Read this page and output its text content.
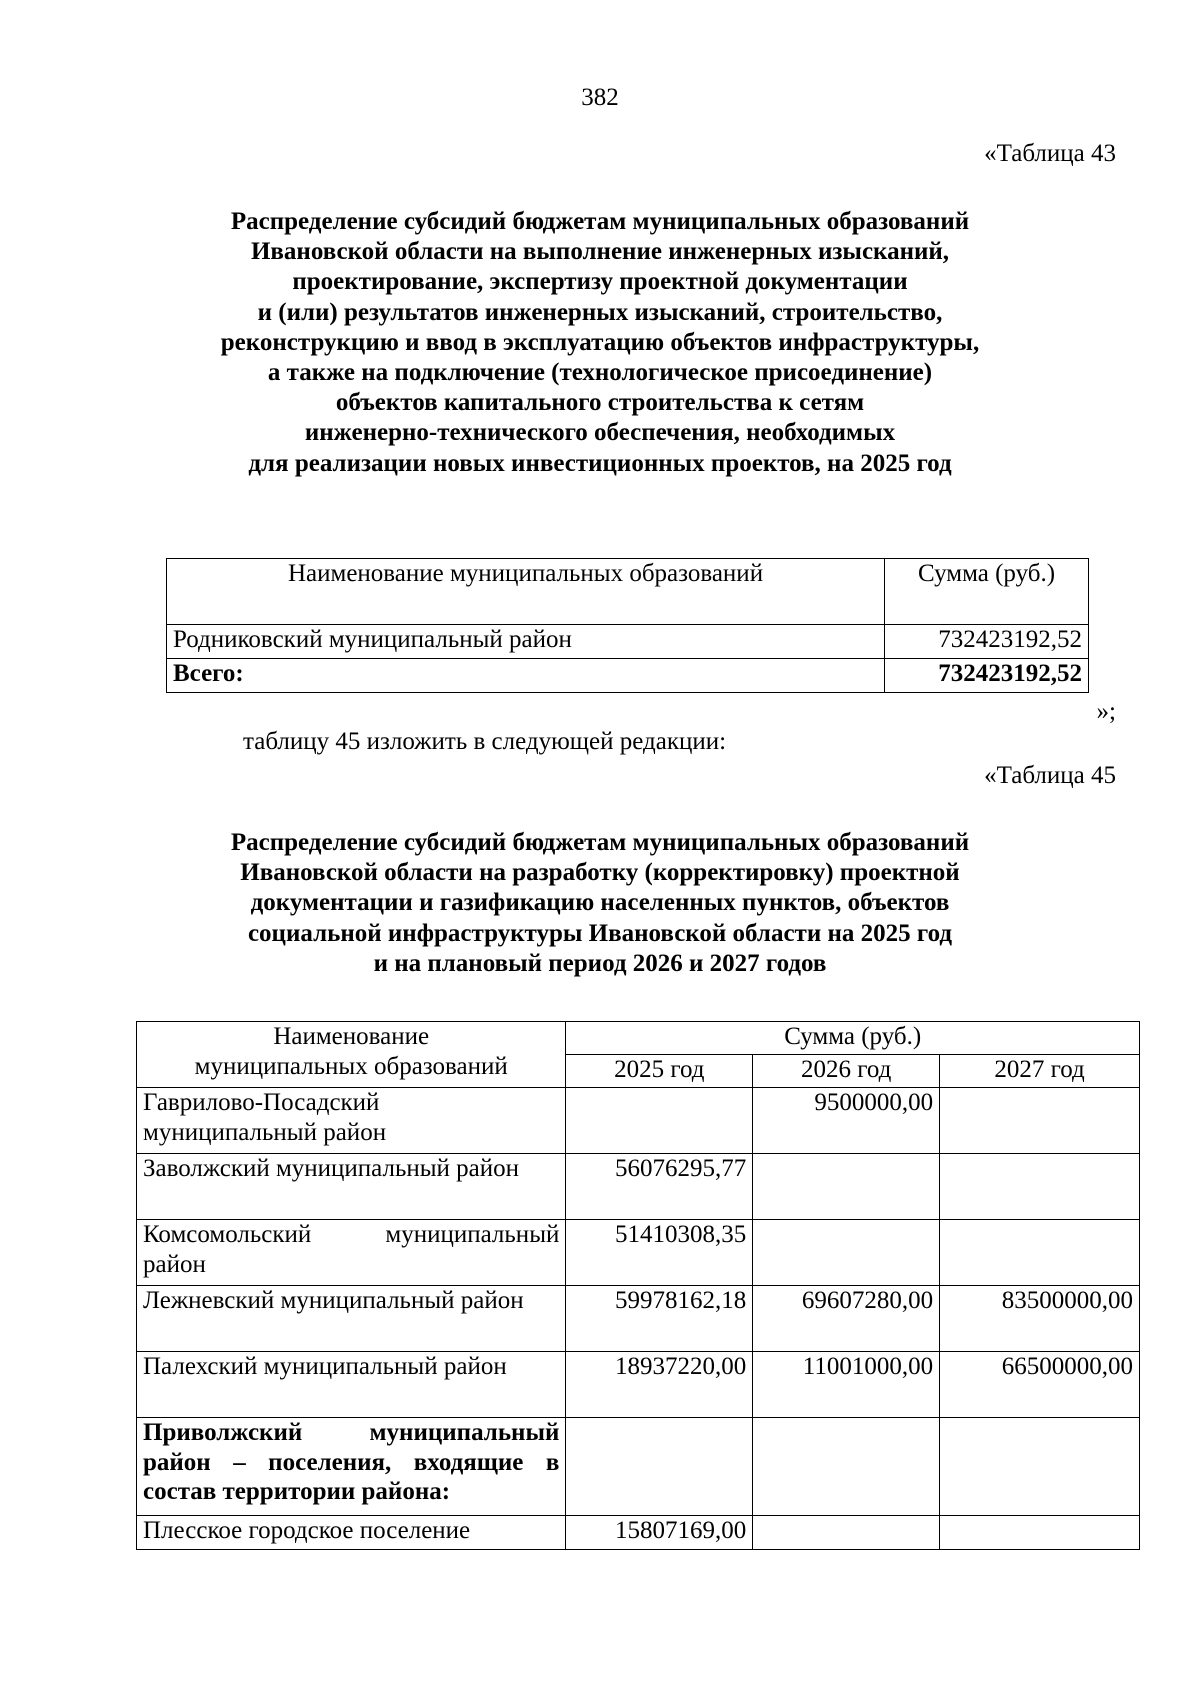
382
«Таблица 43
Распределение субсидий бюджетам муниципальных образований
Ивановской области на выполнение инженерных изысканий,
проектирование, экспертизу проектной документации
и (или) результатов инженерных изысканий, строительство,
реконструкцию и ввод в эксплуатацию объектов инфраструктуры,
а также на подключение (технологическое присоединение)
объектов капитального строительства к сетям
инженерно-технического обеспечения, необходимых
для реализации новых инвестиционных проектов, на 2025 год
Наименование муниципальных образований	Сумма (руб.)
Родниковский муниципальный район	732423192,52
Всего:	732423192,52
»;
таблицу 45 изложить в следующей редакции:
«Таблица 45
Распределение субсидий бюджетам муниципальных образований
Ивановской области на разработку (корректировку) проектной
документации и газификацию населенных пунктов, объектов
социальной инфраструктуры Ивановской области на 2025 год
и на плановый период 2026 и 2027 годов
Наименование
муниципальных образований	Сумма (руб.)		
	2025 год	2026 год	2027 год
Гаврилово-Посадский муниципальный район		9500000,00	
Заволжский муниципальный район	56076295,77		
Комсомольский муниципальный район	51410308,35		
Лежневский муниципальный район	59978162,18	69607280,00	83500000,00
Палехский муниципальный район	18937220,00	11001000,00	66500000,00
Приволжский муниципальный район – поселения, входящие в состав территории района:			
Плесское городское поселение	15807169,00		
